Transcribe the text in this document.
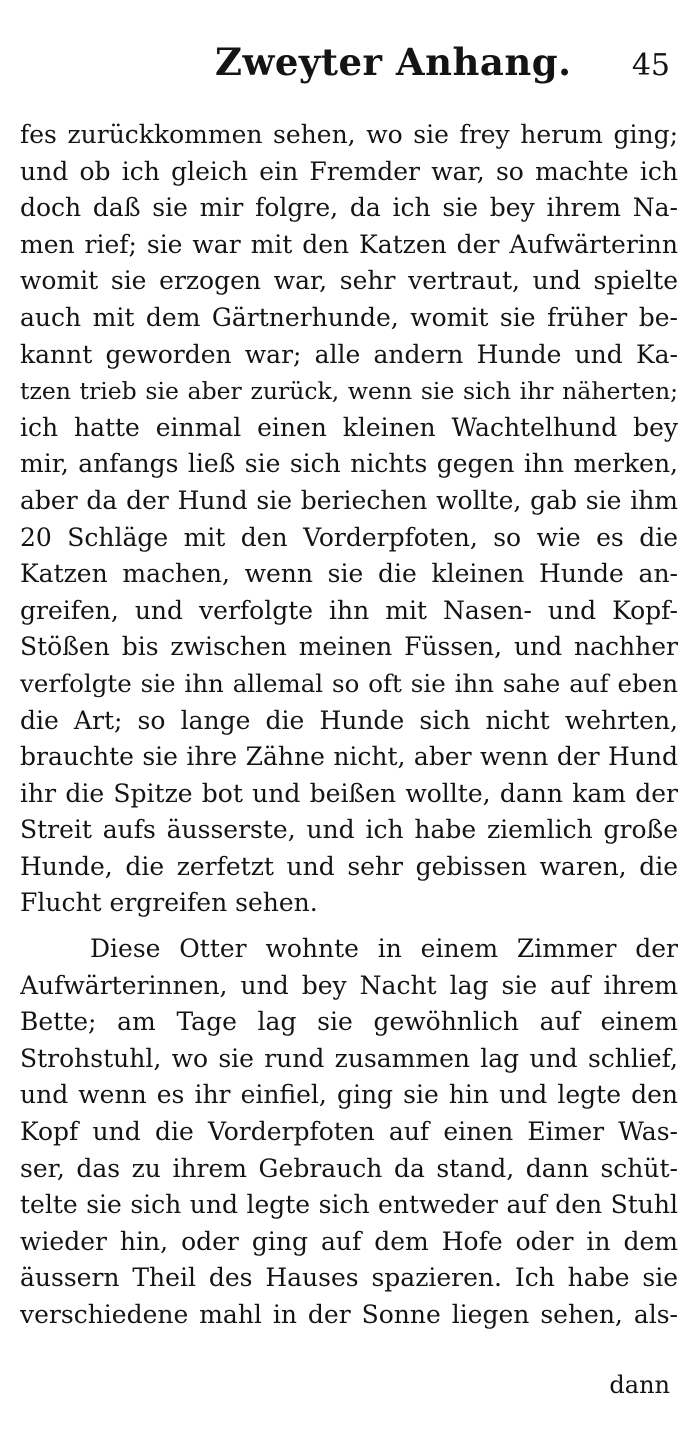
Zweyter Anhang. 45
fes zurückkommen sehen, wo sie frey herum ging;
und ob ich gleich ein Fremder war, so machte ich
doch daß sie mir folgre, da ich sie bey ihrem Na-
men rief; sie war mit den Katzen der Aufwärterinn
womit sie erzogen war, sehr vertraut, und spielte
auch mit dem Gärtnerhunde, womit sie früher be-
kannt geworden war; alle andern Hunde und Ka-
tzen trieb sie aber zurück, wenn sie sich ihr näherten;
ich hatte einmal einen kleinen Wachtelhund bey
mir, anfangs ließ sie sich nichts gegen ihn merken,
aber da der Hund sie beriechen wollte, gab sie ihm
20 Schläge mit den Vorderpfoten, so wie es die
Katzen machen, wenn sie die kleinen Hunde an-
greifen, und verfolgte ihn mit Nasen- und Kopf-
Stößen bis zwischen meinen Füssen, und nachher
verfolgte sie ihn allemal so oft sie ihn sahe auf eben
die Art; so lange die Hunde sich nicht wehrten,
brauchte sie ihre Zähne nicht, aber wenn der Hund
ihr die Spitze bot und beißen wollte, dann kam der
Streit aufs äusserste, und ich habe ziemlich große
Hunde, die zerfetzt und sehr gebissen waren, die
Flucht ergreifen sehen.
Diese Otter wohnte in einem Zimmer der
Aufwärterinnen, und bey Nacht lag sie auf ihrem
Bette; am Tage lag sie gewöhnlich auf einem
Strohstuhl, wo sie rund zusammen lag und schlief,
und wenn es ihr einfiel, ging sie hin und legte den
Kopf und die Vorderpfoten auf einen Eimer Was-
ser, das zu ihrem Gebrauch da stand, dann schüt-
telte sie sich und legte sich entweder auf den Stuhl
wieder hin, oder ging auf dem Hofe oder in dem
äussern Theil des Hauses spazieren. Ich habe sie
verschiedene mahl in der Sonne liegen sehen, als-
dann
